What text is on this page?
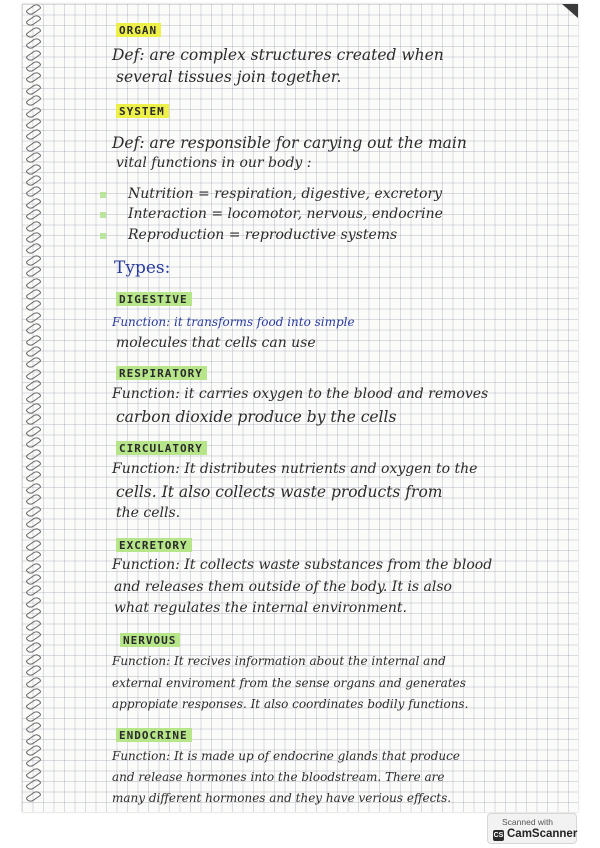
ORGAN
Def: are complex structures created when
several tissues join together.
SYSTEM
Def: are responsible for carying out the main
vital functions in our body :
Nutrition = respiration, digestive, excretory
Interaction = locomotor, nervous, endocrine
Reproduction = reproductive systems
Types:
DIGESTIVE
Function: it transforms food into simple
molecules that cells can use
RESPIRATORY
Function: it carries oxygen to the blood and removes
carbon dioxide produce by the cells
CIRCULATORY
Function: It distributes nutrients and oxygen to the
cells. It also collects waste products from
the cells.
EXCRETORY
Function: It collects waste substances from the blood
and releases them outside of the body. It is also
what regulates the internal environment.
NERVOUS
Function: It recives information about the internal and
external enviroment from the sense organs and generates
appropiate responses. It also coordinates bodily functions.
ENDOCRINE
Function: It is made up of endocrine glands that produce
and release hormones into the bloodstream. There are
many different hormones and they have verious effects.
Scanned with
CS CamScanner
